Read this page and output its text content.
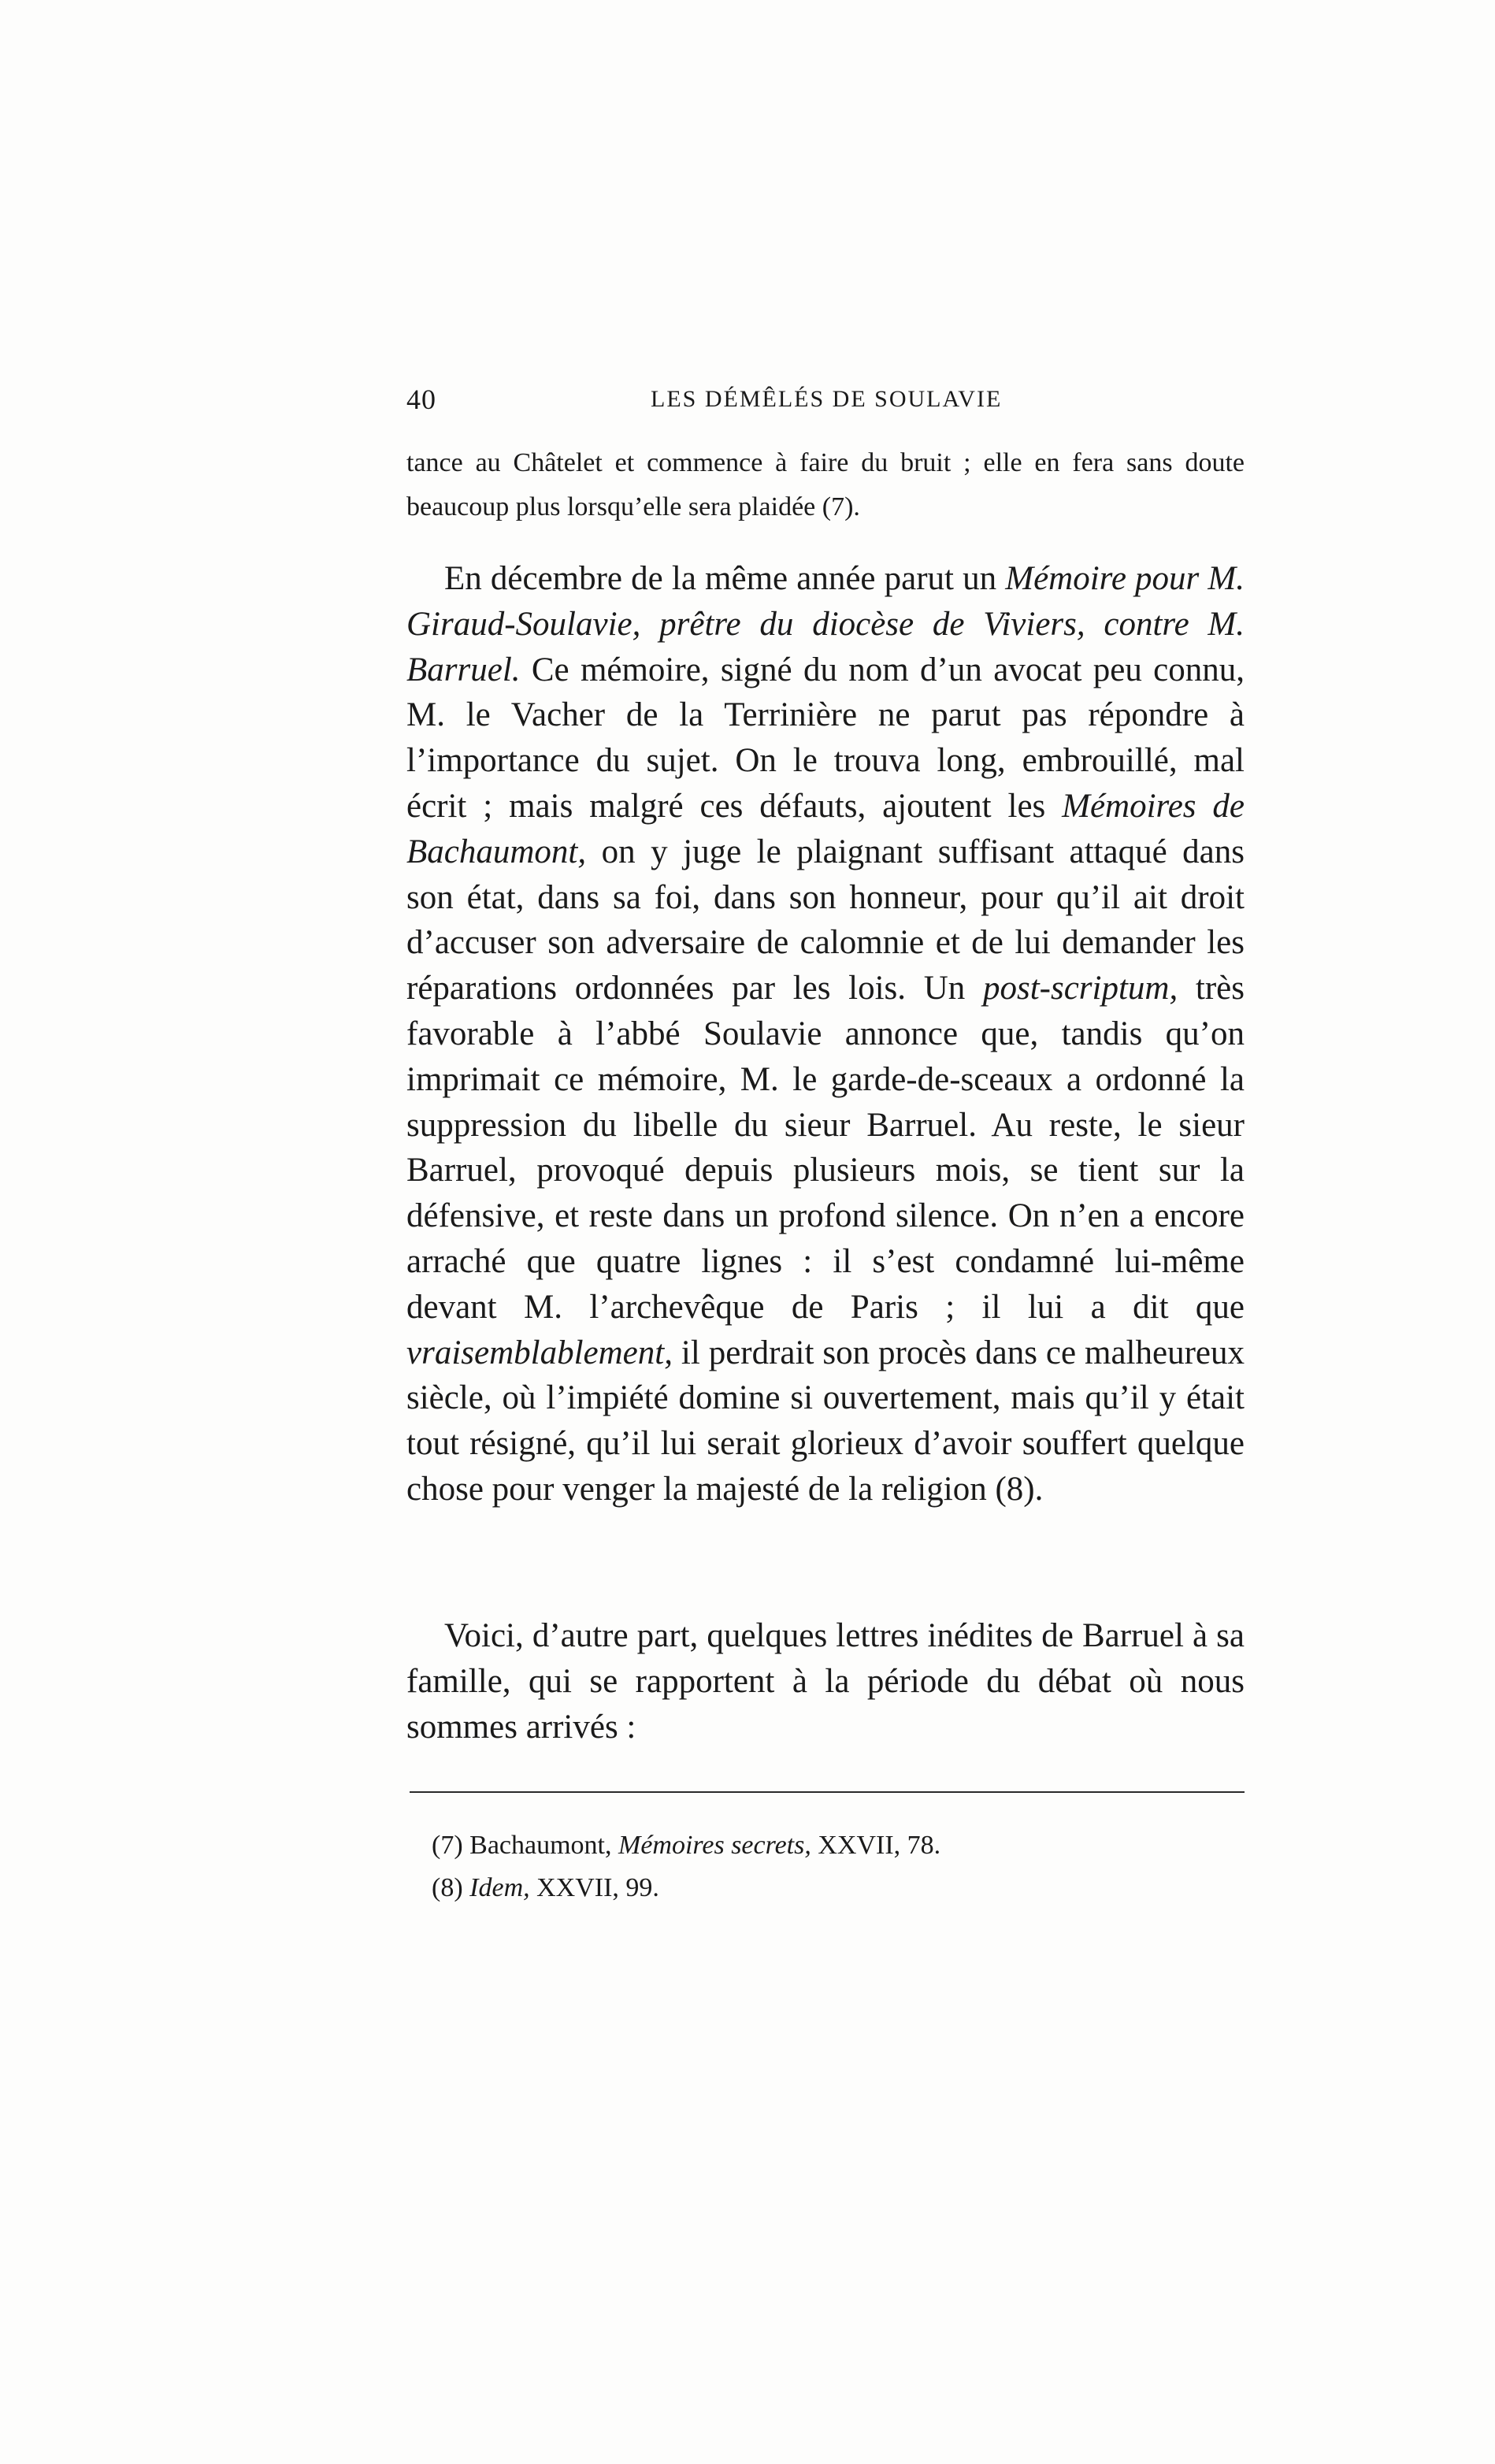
40	LES DÉMÊLÉS DE SOULAVIE
tance au Châtelet et commence à faire du bruit ; elle en fera sans doute
beaucoup plus lorsqu’elle sera plaidée (7).

En décembre de la même année parut un Mémoire pour M. Giraud-Soulavie, prêtre du diocèse de Viviers, contre M. Barruel. Ce mémoire, signé du nom d’un avocat peu connu, M. le Vacher de la Terrinière ne parut pas répondre à l’importance du sujet. On le trouva long, embrouillé, mal écrit ; mais malgré ces défauts, ajoutent les Mémoires de Bachaumont, on y juge le plaignant suffisant attaqué dans son état, dans sa foi, dans son honneur, pour qu’il ait droit d’accuser son adversaire de calomnie et de lui demander les réparations ordonnées par les lois. Un post-scriptum, très favorable à l’abbé Soulavie annonce que, tandis qu’on imprimait ce mémoire, M. le garde-de-sceaux a ordonné la suppression du libelle du sieur Barruel. Au reste, le sieur Barruel, provoqué depuis plusieurs mois, se tient sur la défensive, et reste dans un profond silence. On n’en a encore arraché que quatre lignes : il s’est condamné lui-même devant M. l’archevêque de Paris ; il lui a dit que vraisemblablement, il perdrait son procès dans ce malheureux siècle, où l’impiété domine si ouvertement, mais qu’il y était tout résigné, qu’il lui serait glorieux d’avoir souffert quelque chose pour venger la majesté de la religion (8).

Voici, d’autre part, quelques lettres inédites de Barruel à sa famille, qui se rapportent à la période du débat où nous sommes arrivés :

(7) Bachaumont, Mémoires secrets, XXVII, 78.
(8) Idem, XXVII, 99.
